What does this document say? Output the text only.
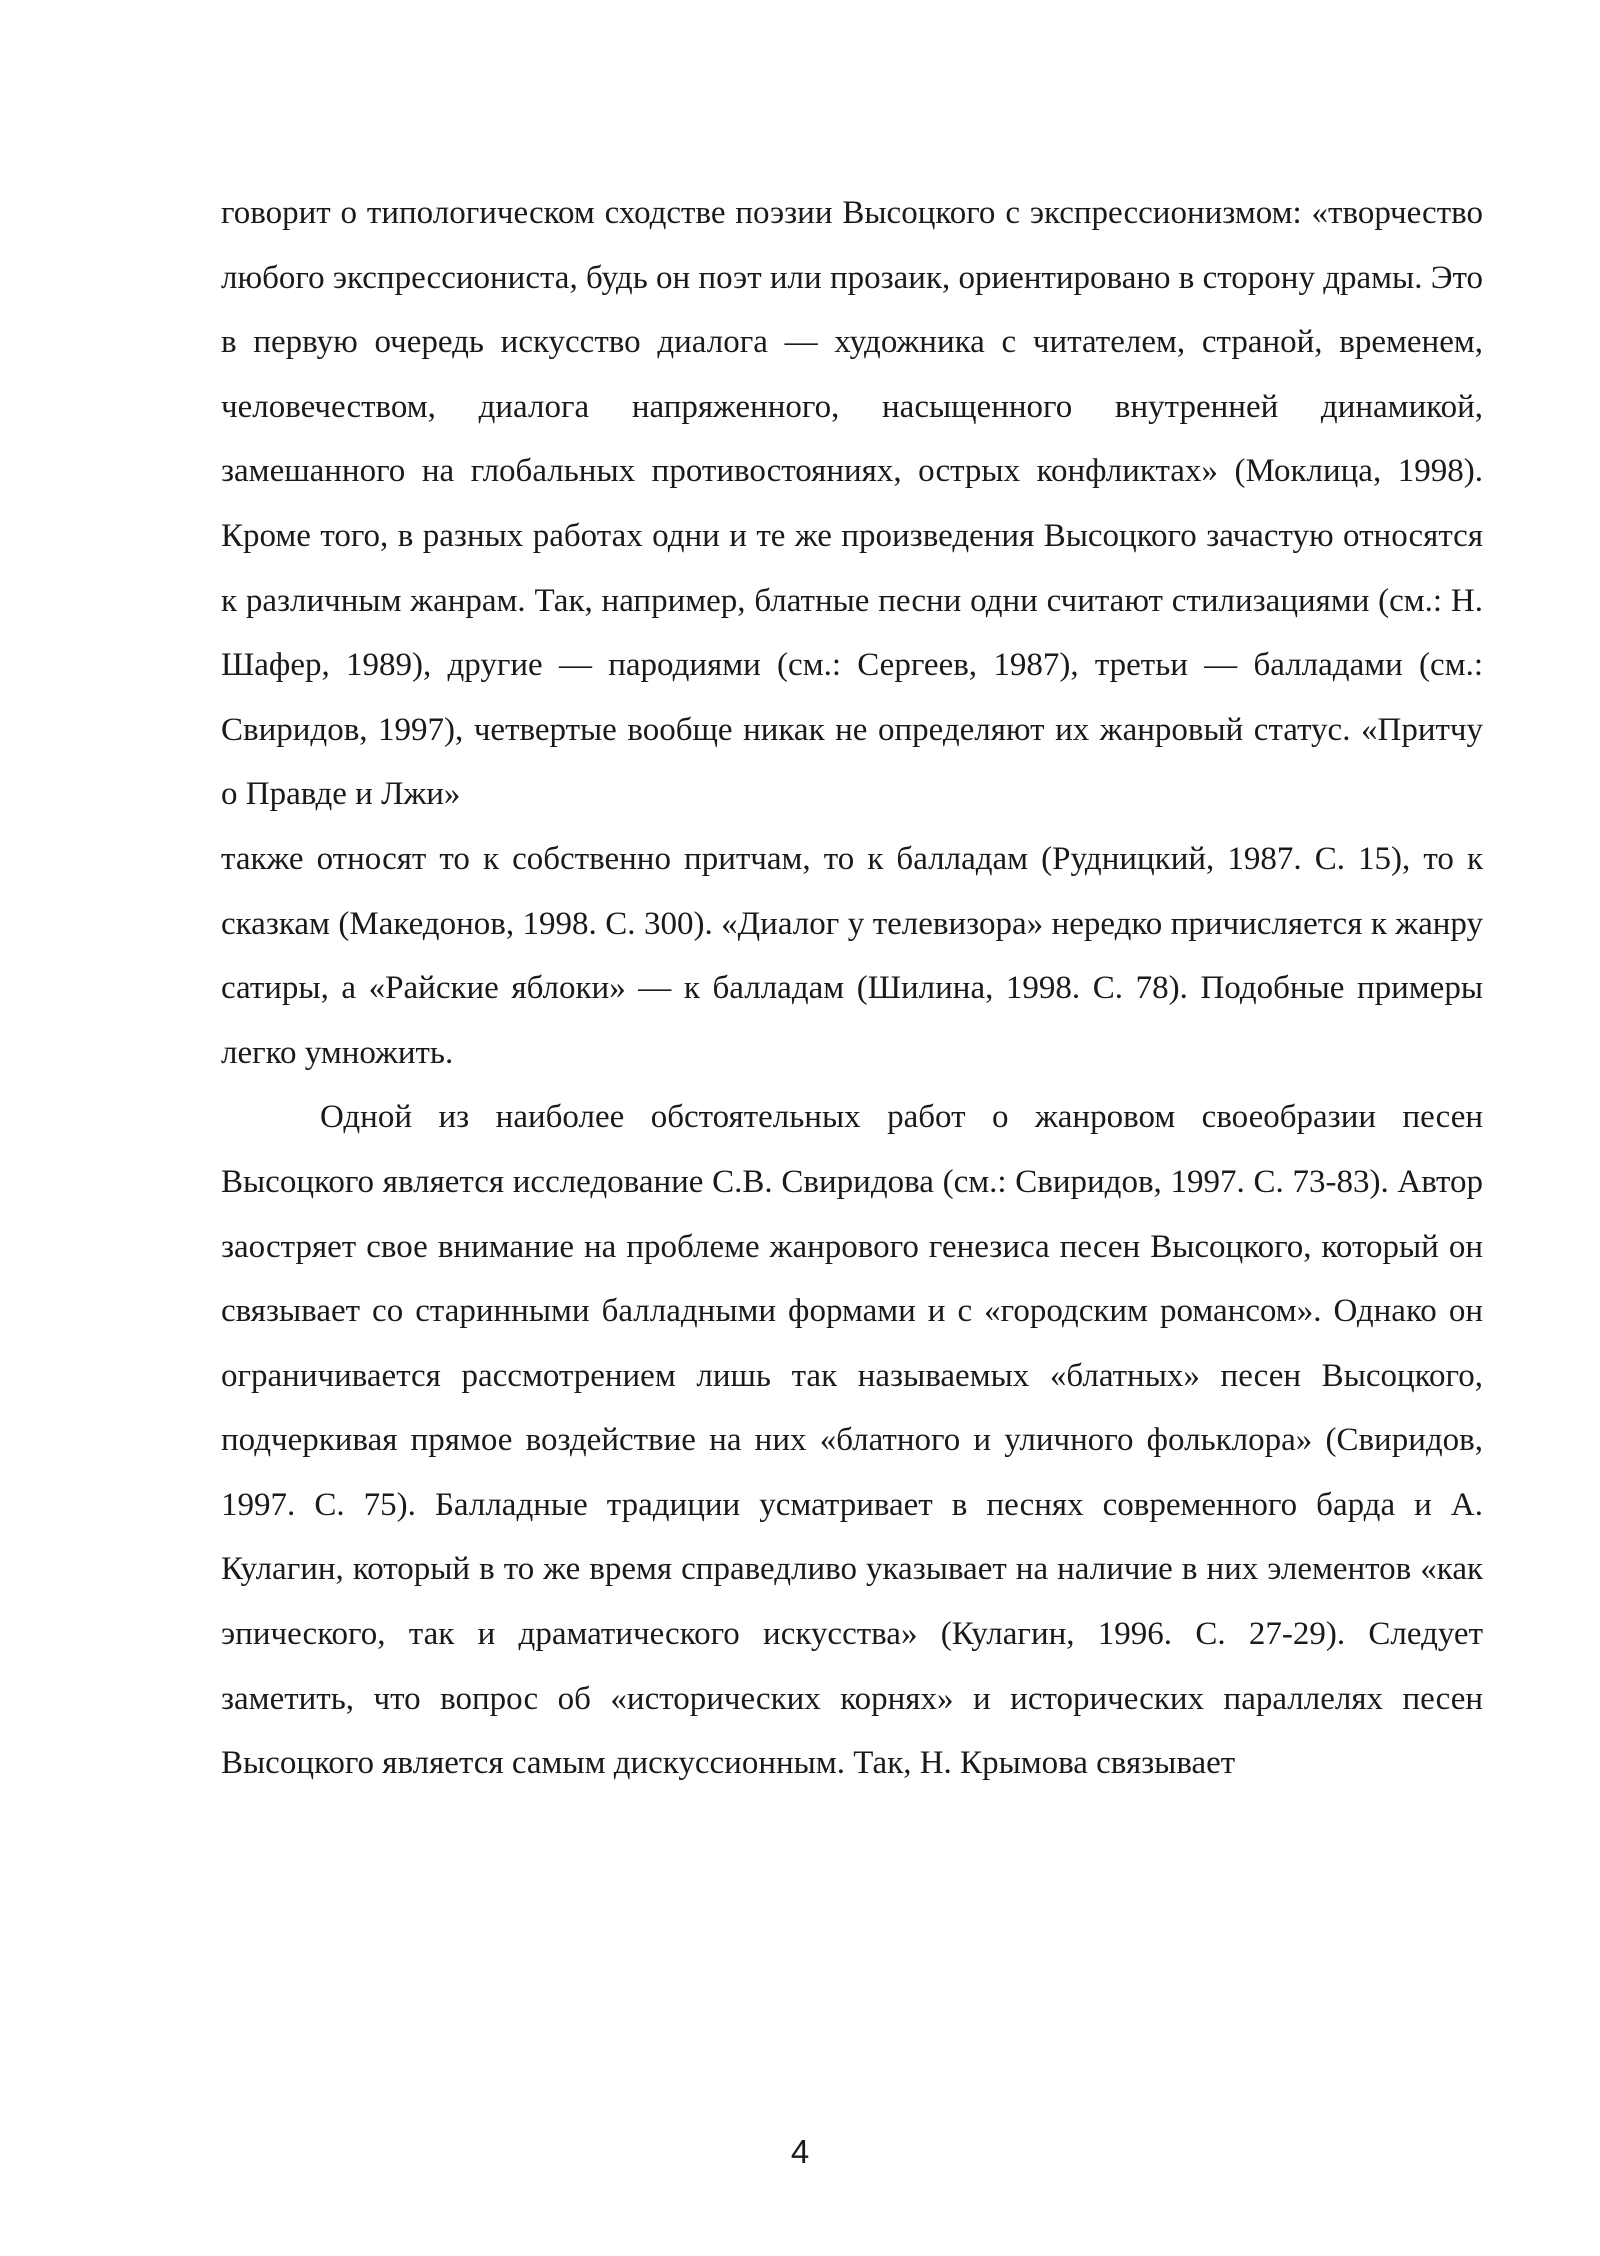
говорит о типологическом сходстве поэзии Высоцкого с экспрессионизмом: «творчество любого экспрессиониста, будь он поэт или прозаик, ориентировано в сторону драмы. Это в первую очередь искусство диалога — художника с читателем, страной, временем, человечеством, диалога напряженного, насыщенного внутренней динамикой, замешанного на глобальных противостояниях, острых конфликтах» (Моклица, 1998). Кроме того, в разных работах одни и те же произведения Высоцкого зачастую относятся к различным жанрам. Так, например, блатные песни одни считают стилизациями (см.: Н. Шафер, 1989), другие — пародиями (см.: Сергеев, 1987), третьи — балладами (см.: Свиридов, 1997), четвертые вообще никак не определяют их жанровый статус. «Притчу о Правде и Лжи»

также относят то к собственно притчам, то к балладам (Рудницкий, 1987. С. 15), то к сказкам (Македонов, 1998. С. 300). «Диалог у телевизора» нередко причисляется к жанру сатиры, а «Райские яблоки» — к балладам (Шилина, 1998. С. 78). Подобные примеры легко умножить.

Одной из наиболее обстоятельных работ о жанровом своеобразии песен Высоцкого является исследование С.В. Свиридова (см.: Свиридов, 1997. С. 73-83). Автор заостряет свое внимание на проблеме жанрового генезиса песен Высоцкого, который он связывает со старинными балладными формами и с «городским романсом». Однако он ограничивается рассмотрением лишь так называемых «блатных» песен Высоцкого, подчеркивая прямое воздействие на них «блатного и уличного фольклора» (Свиридов, 1997. С. 75). Балладные традиции усматривает в песнях современного барда и А. Кулагин, который в то же время справедливо указывает на наличие в них элементов «как эпического, так и драматического искусства» (Кулагин, 1996. С. 27-29). Следует заметить, что вопрос об «исторических корнях» и исторических параллелях песен Высоцкого является самым дискуссионным. Так, Н. Крымова связывает

4
